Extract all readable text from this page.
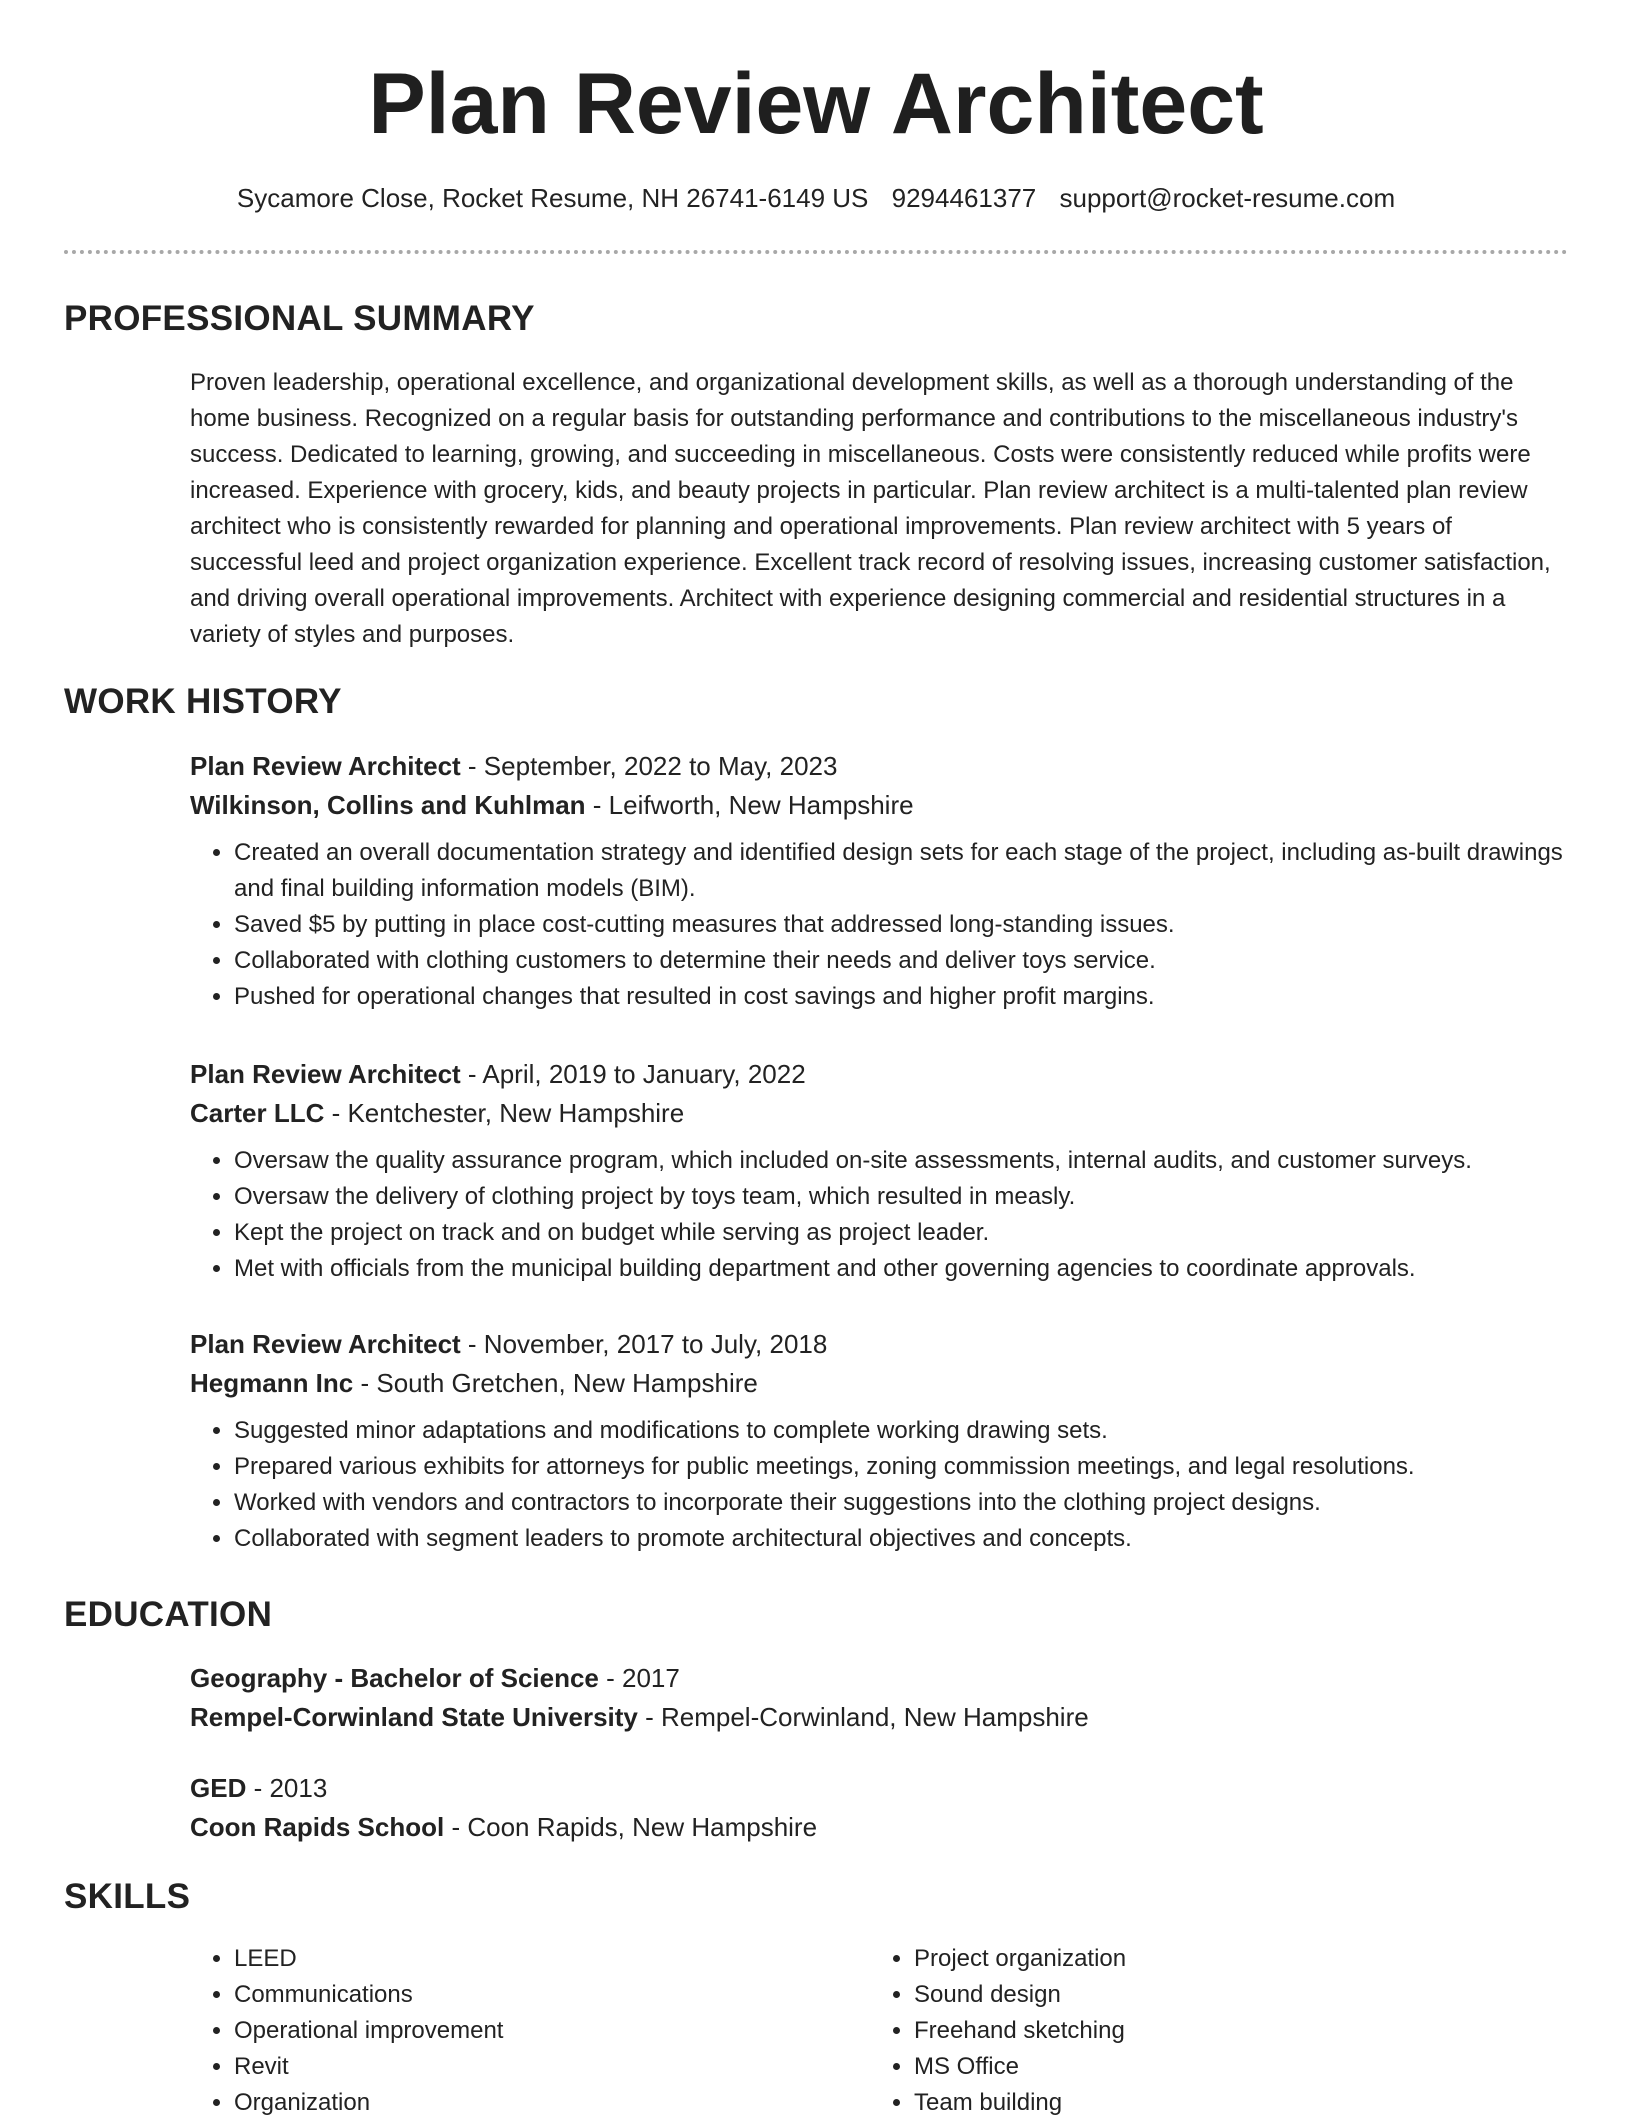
Plan Review Architect
Sycamore Close, Rocket Resume, NH 26741-6149 US 9294461377 support@rocket-resume.com
PROFESSIONAL SUMMARY

Proven leadership, operational excellence, and organizational development skills, as well as a thorough understanding of the home business. Recognized on a regular basis for outstanding performance and contributions to the miscellaneous industry's success. Dedicated to learning, growing, and succeeding in miscellaneous. Costs were consistently reduced while profits were increased. Experience with grocery, kids, and beauty projects in particular. Plan review architect is a multi-talented plan review architect who is consistently rewarded for planning and operational improvements. Plan review architect with 5 years of successful leed and project organization experience. Excellent track record of resolving issues, increasing customer satisfaction, and driving overall operational improvements. Architect with experience designing commercial and residential structures in a variety of styles and purposes.

WORK HISTORY

Plan Review Architect - September, 2022 to May, 2023

Wilkinson, Collins and Kuhlman - Leifworth, New Hampshire

• Created an overall documentation strategy and identified design sets for each stage of the project, including as-built drawings and final building information models (BIM).
• Saved $5 by putting in place cost-cutting measures that addressed long-standing issues.
• Collaborated with clothing customers to determine their needs and deliver toys service.
• Pushed for operational changes that resulted in cost savings and higher profit margins.

Plan Review Architect - April, 2019 to January, 2022

Carter LLC - Kentchester, New Hampshire

• Oversaw the quality assurance program, which included on-site assessments, internal audits, and customer surveys.
• Oversaw the delivery of clothing project by toys team, which resulted in measly.
• Kept the project on track and on budget while serving as project leader.
• Met with officials from the municipal building department and other governing agencies to coordinate approvals.

Plan Review Architect - November, 2017 to July, 2018

Hegmann Inc - South Gretchen, New Hampshire

• Suggested minor adaptations and modifications to complete working drawing sets.
• Prepared various exhibits for attorneys for public meetings, zoning commission meetings, and legal resolutions.
• Worked with vendors and contractors to incorporate their suggestions into the clothing project designs.
• Collaborated with segment leaders to promote architectural objectives and concepts.
EDUCATION

Geography - Bachelor of Science - 2017

Rempel-Corwinland State University - Rempel-Corwinland, New Hampshire

GED - 2013

Coon Rapids School - Coon Rapids, New Hampshire

SKILLS
• LEED
• Communications
• Operational improvement
• Revit
• Organization
• Project organization
• Sound design
• Freehand sketching
• MS Office
• Team building
